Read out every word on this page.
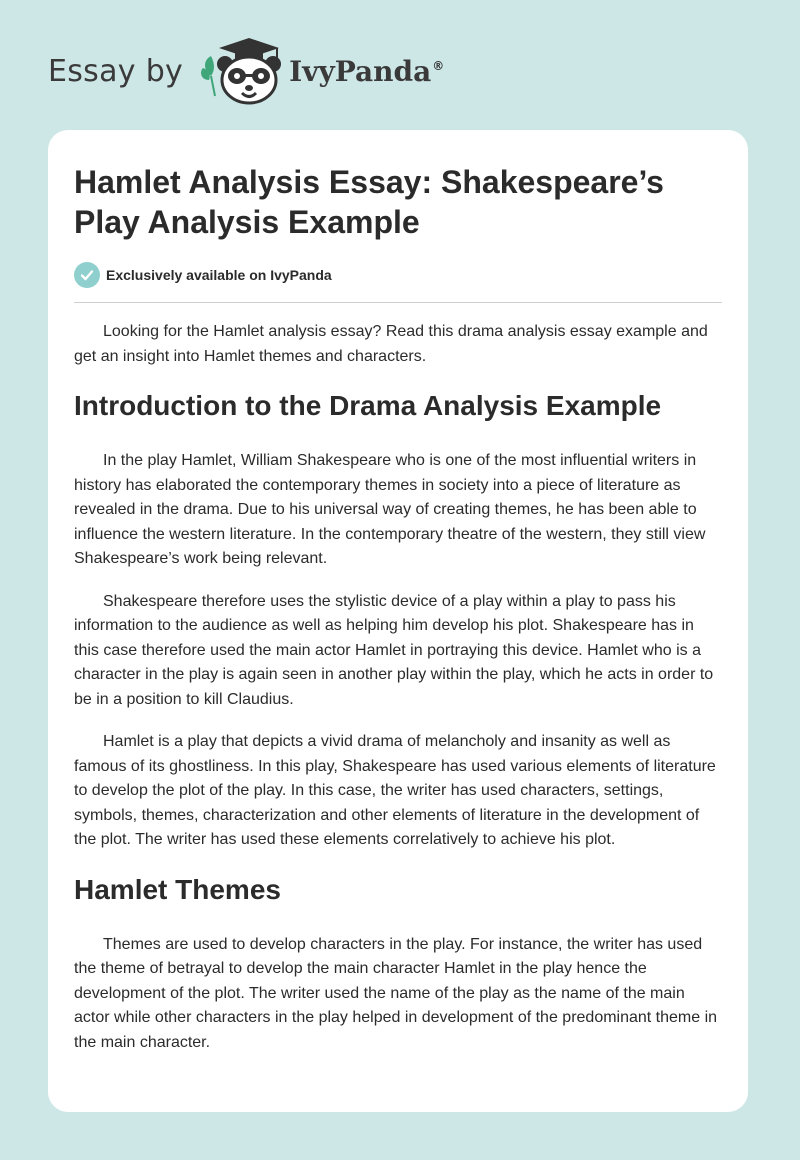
Essay by	IvyPanda®
Hamlet Analysis Essay: Shakespeare’s Play Analysis Example
Exclusively available on IvyPanda

Looking for the Hamlet analysis essay? Read this drama analysis essay example and get an insight into Hamlet themes and characters.

Introduction to the Drama Analysis Example

In the play Hamlet, William Shakespeare who is one of the most influential writers in history has elaborated the contemporary themes in society into a piece of literature as revealed in the drama. Due to his universal way of creating themes, he has been able to influence the western literature. In the contemporary theatre of the western, they still view Shakespeare’s work being relevant.

Shakespeare therefore uses the stylistic device of a play within a play to pass his information to the audience as well as helping him develop his plot. Shakespeare has in this case therefore used the main actor Hamlet in portraying this device. Hamlet who is a character in the play is again seen in another play within the play, which he acts in order to be in a position to kill Claudius.

Hamlet is a play that depicts a vivid drama of melancholy and insanity as well as famous of its ghostliness. In this play, Shakespeare has used various elements of literature to develop the plot of the play. In this case, the writer has used characters, settings, symbols, themes, characterization and other elements of literature in the development of the plot. The writer has used these elements correlatively to achieve his plot.

Hamlet Themes

Themes are used to develop characters in the play. For instance, the writer has used the theme of betrayal to develop the main character Hamlet in the play hence the development of the plot. The writer used the name of the play as the name of the main actor while other characters in the play helped in development of the predominant theme in the main character.
